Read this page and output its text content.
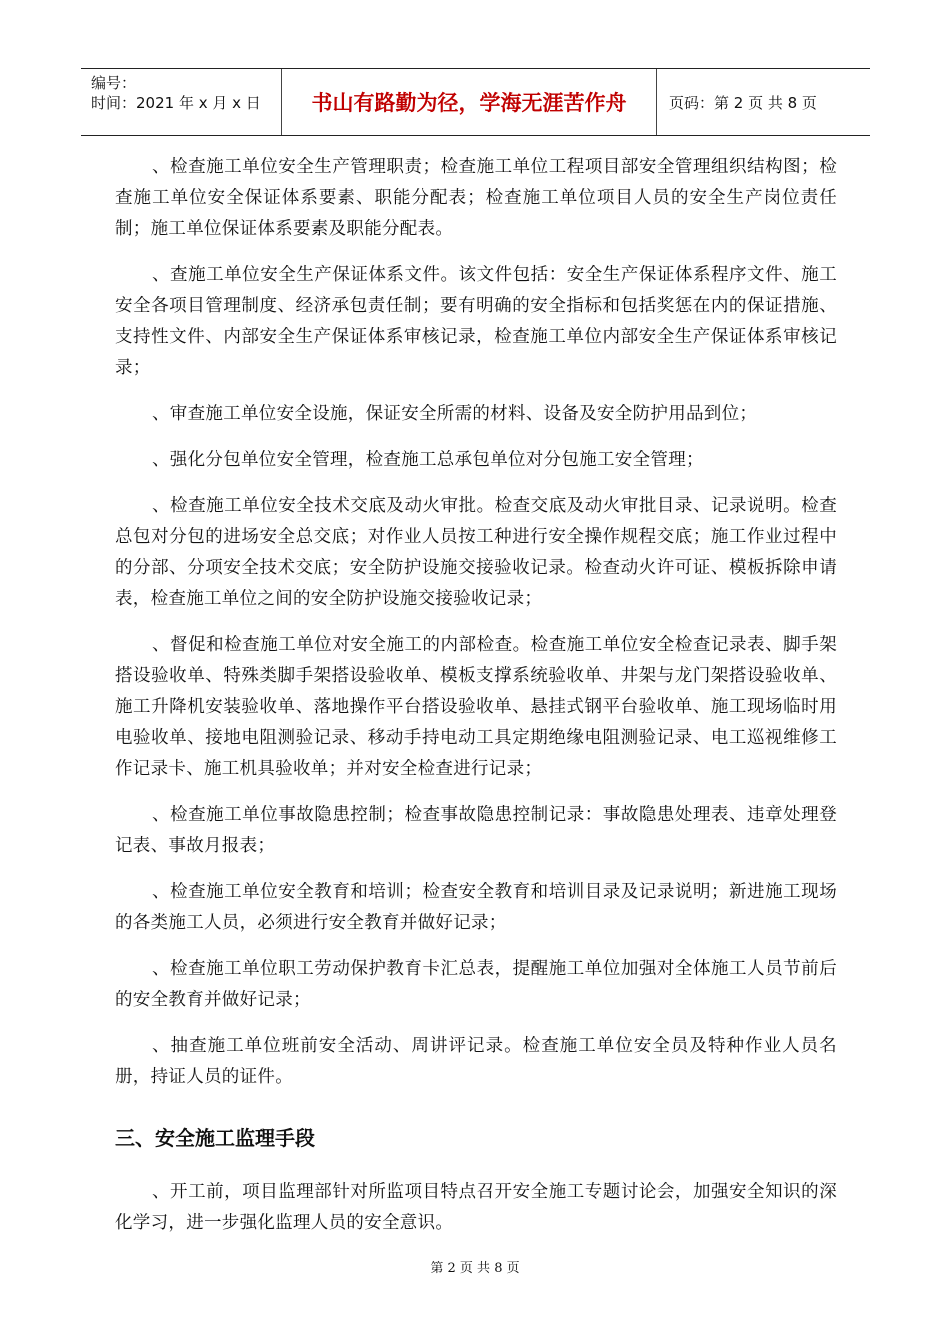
编号：
时间：2021 年 x 月 x 日	书山有路勤为径，学海无涯苦作舟	页码：第 2 页 共 8 页

、检查施工单位安全生产管理职责；检查施工单位工程项目部安全管理组织结构图；检查施工单位安全保证体系要素、职能分配表；检查施工单位项目人员的安全生产岗位责任制；施工单位保证体系要素及职能分配表。

、查施工单位安全生产保证体系文件。该文件包括：安全生产保证体系程序文件、施工安全各项目管理制度、经济承包责任制；要有明确的安全指标和包括奖惩在内的保证措施、支持性文件、内部安全生产保证体系审核记录，检查施工单位内部安全生产保证体系审核记录；

、审查施工单位安全设施，保证安全所需的材料、设备及安全防护用品到位；

、强化分包单位安全管理，检查施工总承包单位对分包施工安全管理；

、检查施工单位安全技术交底及动火审批。检查交底及动火审批目录、记录说明。检查总包对分包的进场安全总交底；对作业人员按工种进行安全操作规程交底；施工作业过程中的分部、分项安全技术交底；安全防护设施交接验收记录。检查动火许可证、模板拆除申请表，检查施工单位之间的安全防护设施交接验收记录；

、督促和检查施工单位对安全施工的内部检查。检查施工单位安全检查记录表、脚手架搭设验收单、特殊类脚手架搭设验收单、模板支撑系统验收单、井架与龙门架搭设验收单、施工升降机安装验收单、落地操作平台搭设验收单、悬挂式钢平台验收单、施工现场临时用电验收单、接地电阻测验记录、移动手持电动工具定期绝缘电阻测验记录、电工巡视维修工作记录卡、施工机具验收单；并对安全检查进行记录；

、检查施工单位事故隐患控制；检查事故隐患控制记录：事故隐患处理表、违章处理登记表、事故月报表；

、检查施工单位安全教育和培训；检查安全教育和培训目录及记录说明；新进施工现场的各类施工人员，必须进行安全教育并做好记录；

、检查施工单位职工劳动保护教育卡汇总表，提醒施工单位加强对全体施工人员节前后的安全教育并做好记录；

、抽查施工单位班前安全活动、周讲评记录。检查施工单位安全员及特种作业人员名册，持证人员的证件。

三、安全施工监理手段

、开工前，项目监理部针对所监项目特点召开安全施工专题讨论会，加强安全知识的深化学习，进一步强化监理人员的安全意识。

第 2 页 共 8 页
